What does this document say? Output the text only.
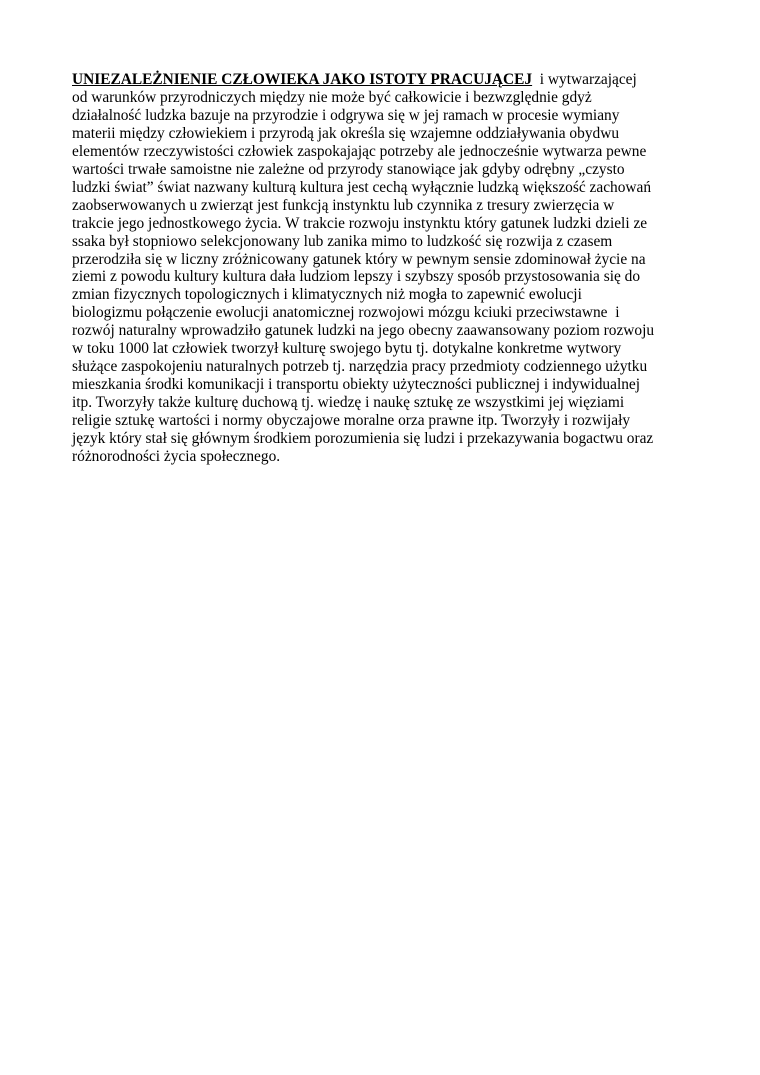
UNIEZALEŻNIENIE CZŁOWIEKA JAKO ISTOTY PRACUJĄCEJ  i wytwarzającej

od warunków przyrodniczych między nie może być całkowicie i bezwzględnie gdyż

działalność ludzka bazuje na przyrodzie i odgrywa się w jej ramach w procesie wymiany

materii między człowiekiem i przyrodą jak określa się wzajemne oddziaływania obydwu

elementów rzeczywistości człowiek zaspokajając potrzeby ale jednocześnie wytwarza pewne

wartości trwałe samoistne nie zależne od przyrody stanowiące jak gdyby odrębny „czysto

ludzki świat” świat nazwany kulturą kultura jest cechą wyłącznie ludzką większość zachowań

zaobserwowanych u zwierząt jest funkcją instynktu lub czynnika z tresury zwierzęcia w

trakcie jego jednostkowego życia. W trakcie rozwoju instynktu który gatunek ludzki dzieli ze

ssaka był stopniowo selekcjonowany lub zanika mimo to ludzkość się rozwija z czasem

przerodziła się w liczny zróżnicowany gatunek który w pewnym sensie zdominował życie na

ziemi z powodu kultury kultura dała ludziom lepszy i szybszy sposób przystosowania się do

zmian fizycznych topologicznych i klimatycznych niż mogła to zapewnić ewolucji

biologizmu połączenie ewolucji anatomicznej rozwojowi mózgu kciuki przeciwstawne  i

rozwój naturalny wprowadziło gatunek ludzki na jego obecny zaawansowany poziom rozwoju

w toku 1000 lat człowiek tworzył kulturę swojego bytu tj. dotykalne konkretme wytwory

służące zaspokojeniu naturalnych potrzeb tj. narzędzia pracy przedmioty codziennego użytku

mieszkania środki komunikacji i transportu obiekty użyteczności publicznej i indywidualnej

itp. Tworzyły także kulturę duchową tj. wiedzę i naukę sztukę ze wszystkimi jej więziami

religie sztukę wartości i normy obyczajowe moralne orza prawne itp. Tworzyły i rozwijały

język który stał się głównym środkiem porozumienia się ludzi i przekazywania bogactwu oraz

różnorodności życia społecznego.
